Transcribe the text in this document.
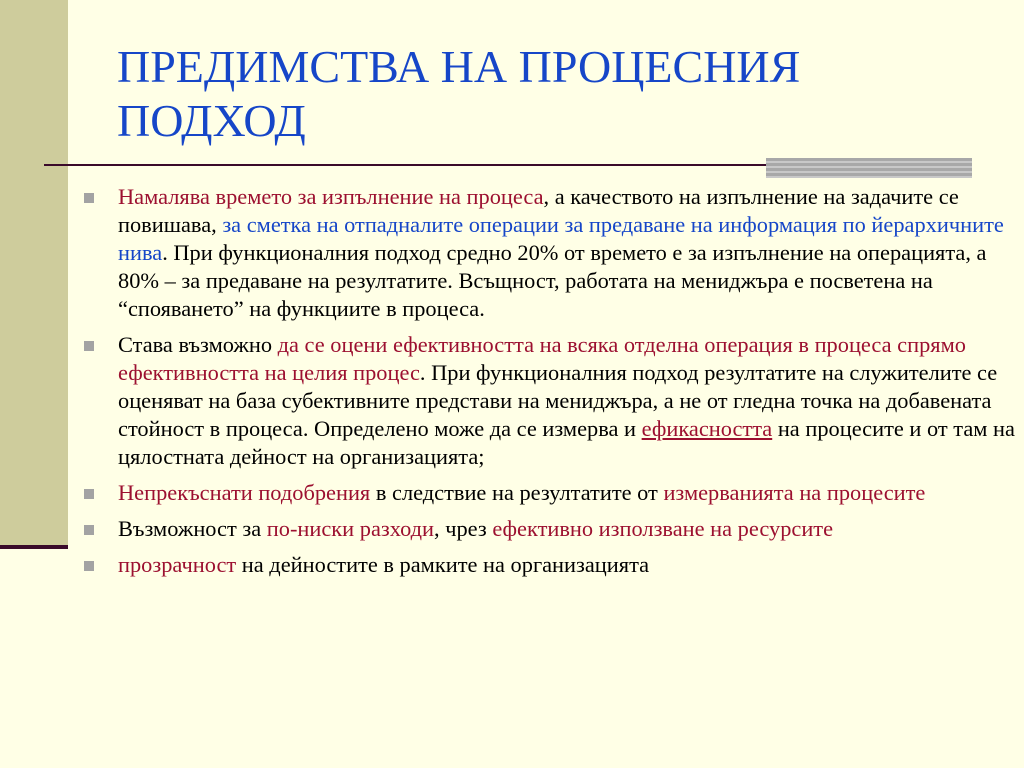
ПРЕДИМСТВА НА ПРОЦЕСНИЯ
ПОДХОД
Намалява времето за изпълнение на процеса, а качеството на изпълнение на задачите се повишава, за сметка на отпадналите операции за предаване на информация по йерархичните нива. При функционалния подход средно 20% от времето е за изпълнение на операцията, а 80% – за предаване на резултатите. Всъщност, работата на мениджъра е посветена на “спояването” на функциите в процеса.
Става възможно да се оцени ефективността на всяка отделна операция в процеса спрямо ефективността на целия процес. При функционалния подход резултатите на служителите се оценяват на база субективните представи на мениджъра, а не от гледна точка на добавената стойност в процеса. Определено може да се измерва и ефикасността на процесите и от там на цялостната дейност на организацията;
Непрекъснати подобрения в следствие на резултатите от измерванията на процесите
Възможност за по-ниски разходи, чрез ефективно използване на ресурсите
прозрачност на дейностите в рамките на организацията
